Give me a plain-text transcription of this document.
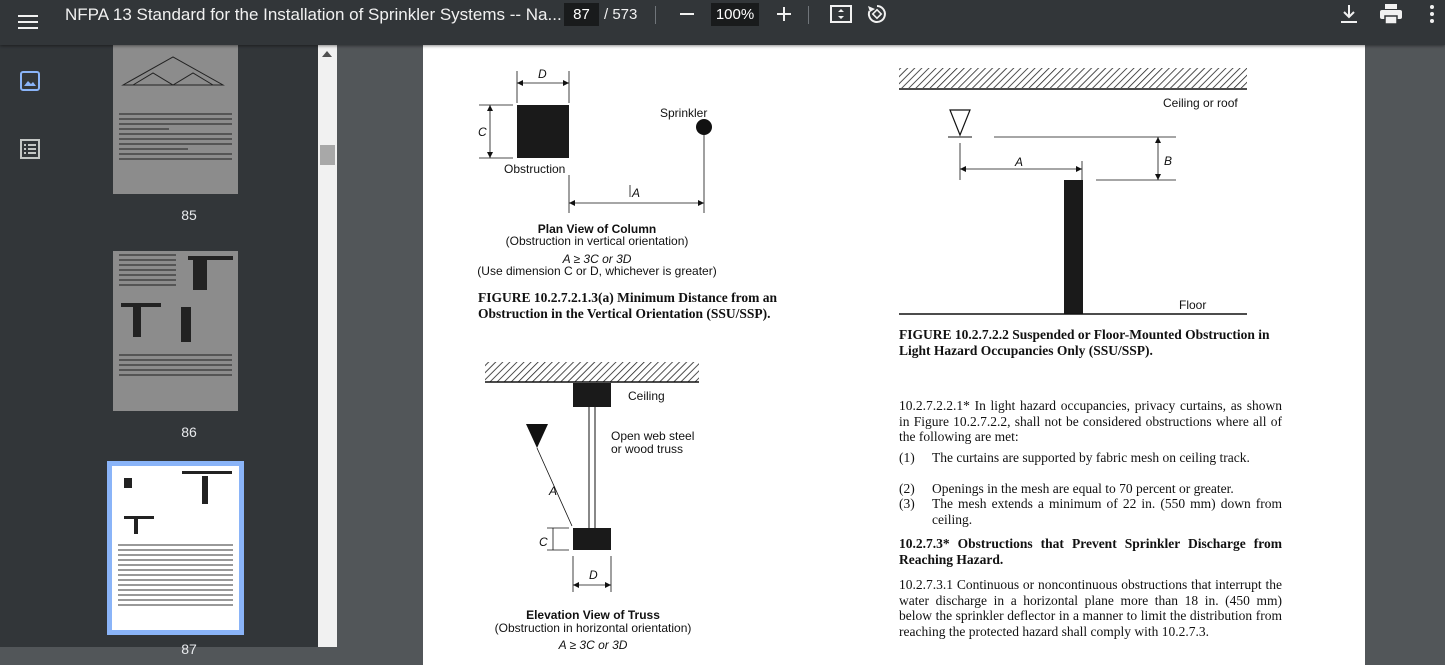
NFPA 13 Standard for the Installation of Sprinkler Systems -- Na... 87 / 573	100%
85
86
87
D
C
A
Sprinkler
Obstruction
Plan View of Column
(Obstruction in vertical orientation)
A ≥ 3C or 3D
(Use dimension C or D, whichever is greater)
FIGURE 10.2.7.2.1.3(a) Minimum Distance from an Obstruction in the Vertical Orientation (SSU/SSP).
Ceiling
Open web steel
or wood truss
A
C
D
Elevation View of Truss
(Obstruction in horizontal orientation)
A ≥ 3C or 3D
Ceiling or roof
A	B
Floor
FIGURE 10.2.7.2.2 Suspended or Floor-Mounted Obstruction in Light Hazard Occupancies Only (SSU/SSP).
10.2.7.2.2.1* In light hazard occupancies, privacy curtains, as shown in Figure 10.2.7.2.2, shall not be considered obstructions where all of the following are met:
(1)	The curtains are supported by fabric mesh on ceiling track.
(2)	Openings in the mesh are equal to 70 percent or greater.
(3)	The mesh extends a minimum of 22 in. (550 mm) down from ceiling.
10.2.7.3* Obstructions that Prevent Sprinkler Discharge from Reaching Hazard.
10.2.7.3.1 Continuous or noncontinuous obstructions that interrupt the water discharge in a horizontal plane more than 18 in. (450 mm) below the sprinkler deflector in a manner to limit the distribution from reaching the protected hazard shall comply with 10.2.7.3.
